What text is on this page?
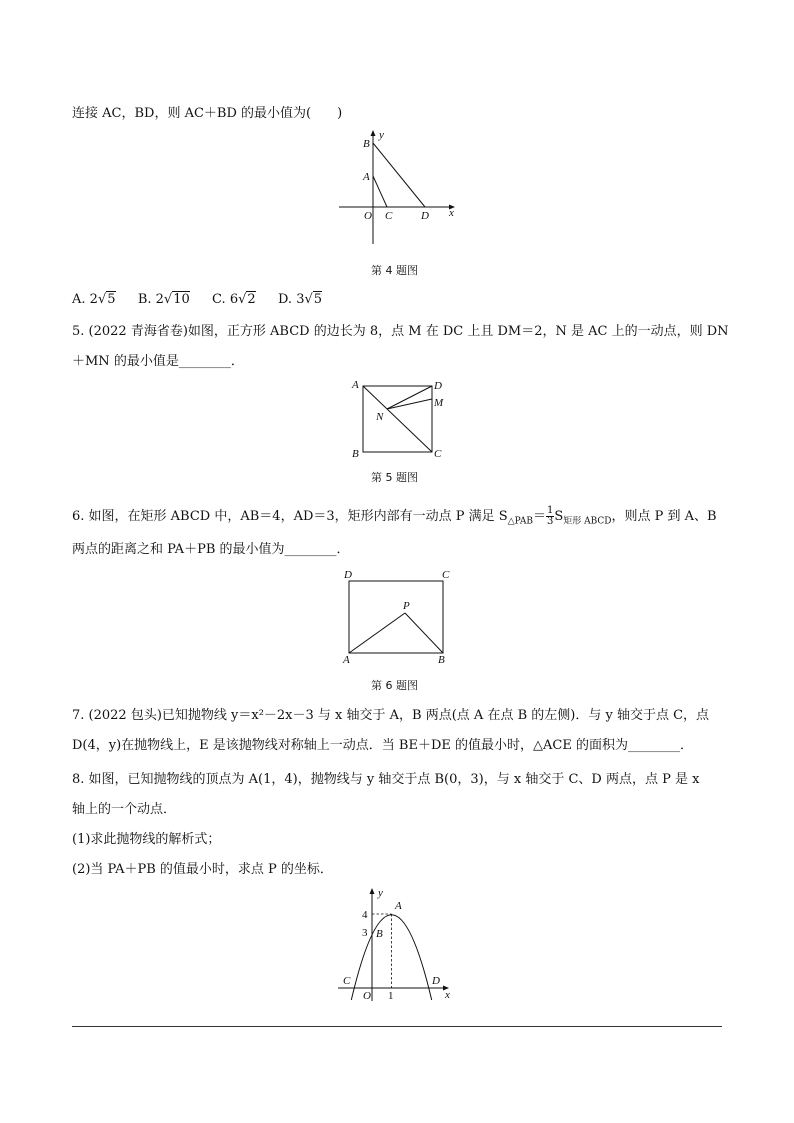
连接 AC，BD，则 AC＋BD 的最小值为(　　)
y
x
B
A
O C	D
第 4 题图
A. 2√5 B. 2√10 C. 6√2 D. 3√5
5. (2022 青海省卷)如图，正方形 ABCD 的边长为 8，点 M 在 DC 上且 DM＝2，N 是 AC 上的一动点，则 DN
＋MN 的最小值是________．
A	D
M
N
B	C
第 5 题图
6. 如图，在矩形 ABCD 中，AB＝4，AD＝3，矩形内部有一动点 P 满足 $S_{\triangle PAB}= \frac{1}{3} S_{矩形 ABCD}$，则点 P 到 A、B
两点的距离之和 PA＋PB 的最小值为________．
D	C
P
A	B
第 6 题图
7. (2022 包头)已知抛物线 y＝x²－2x－3 与 x 轴交于 A，B 两点(点 A 在点 B 的左侧)．与 y 轴交于点 C，点
D(4，y)在抛物线上，E 是该抛物线对称轴上一动点．当 BE＋DE 的值最小时，△ACE 的面积为________．
8. 如图，已知抛物线的顶点为 A(1，4)，抛物线与 y 轴交于点 B(0，3)，与 x 轴交于 C、D 两点，点 P 是 x
轴上的一个动点．
(1)求此抛物线的解析式；
(2)当 PA＋PB 的值最小时，求点 P 的坐标．
y
x
4
3
A
B
C	D
O 1
